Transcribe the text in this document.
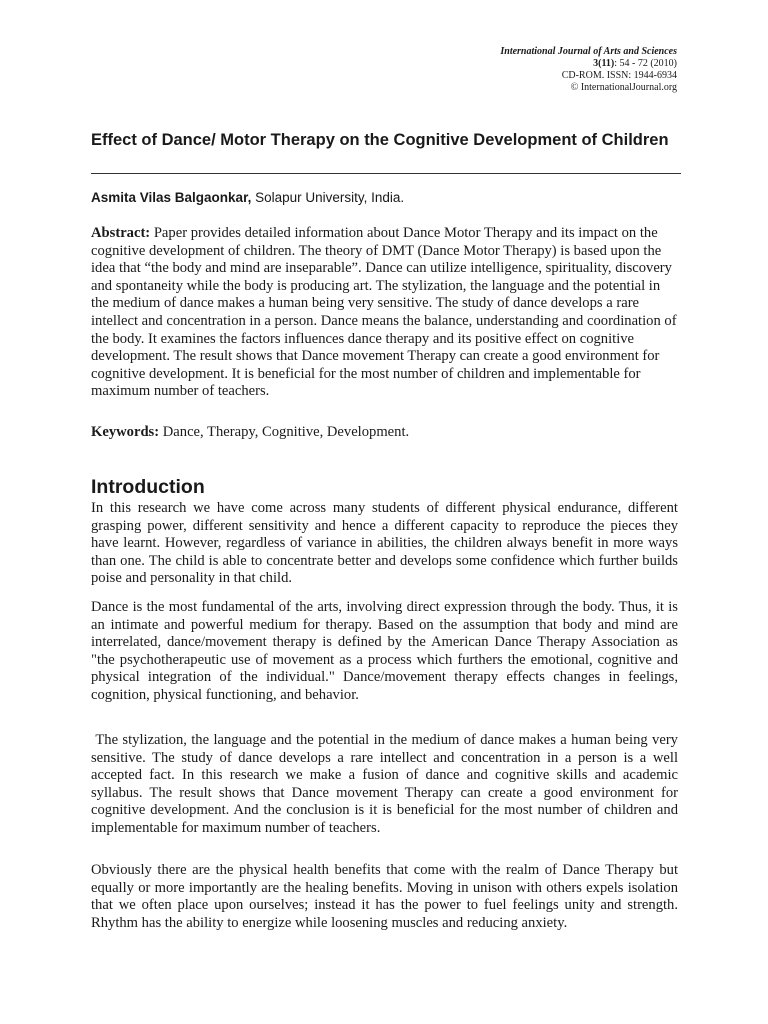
International Journal of Arts and Sciences
3(11): 54 - 72 (2010)
CD-ROM. ISSN: 1944-6934
© InternationalJournal.org
Effect of Dance/ Motor Therapy on the Cognitive Development of Children
Asmita Vilas Balgaonkar, Solapur University, India.

Abstract: Paper provides detailed information about Dance Motor Therapy and its impact on the cognitive development of children. The theory of DMT (Dance Motor Therapy) is based upon the idea that “the body and mind are inseparable”. Dance can utilize intelligence, spirituality, discovery and spontaneity while the body is producing art. The stylization, the language and the potential in the medium of dance makes a human being very sensitive. The study of dance develops a rare intellect and concentration in a person. Dance means the balance, understanding and coordination of the body. It examines the factors influences dance therapy and its positive effect on cognitive development. The result shows that Dance movement Therapy can create a good environment for cognitive development. It is beneficial for the most number of children and implementable for maximum number of teachers.

Keywords: Dance, Therapy, Cognitive, Development.

Introduction

In this research we have come across many students of different physical endurance, different grasping power, different sensitivity and hence a different capacity to reproduce the pieces they have learnt. However, regardless of variance in abilities, the children always benefit in more ways than one. The child is able to concentrate better and develops some confidence which further builds poise and personality in that child.

Dance is the most fundamental of the arts, involving direct expression through the body. Thus, it is an intimate and powerful medium for therapy. Based on the assumption that body and mind are interrelated, dance/movement therapy is defined by the American Dance Therapy Association as "the psychotherapeutic use of movement as a process which furthers the emotional, cognitive and physical integration of the individual." Dance/movement therapy effects changes in feelings, cognition, physical functioning, and behavior.

The stylization, the language and the potential in the medium of dance makes a human being very sensitive. The study of dance develops a rare intellect and concentration in a person is a well accepted fact. In this research we make a fusion of dance and cognitive skills and academic syllabus. The result shows that Dance movement Therapy can create a good environment for cognitive development. And the conclusion is it is beneficial for the most number of children and implementable for maximum number of teachers.

Obviously there are the physical health benefits that come with the realm of Dance Therapy but equally or more importantly are the healing benefits. Moving in unison with others expels isolation that we often place upon ourselves; instead it has the power to fuel feelings unity and strength. Rhythm has the ability to energize while loosening muscles and reducing anxiety.
